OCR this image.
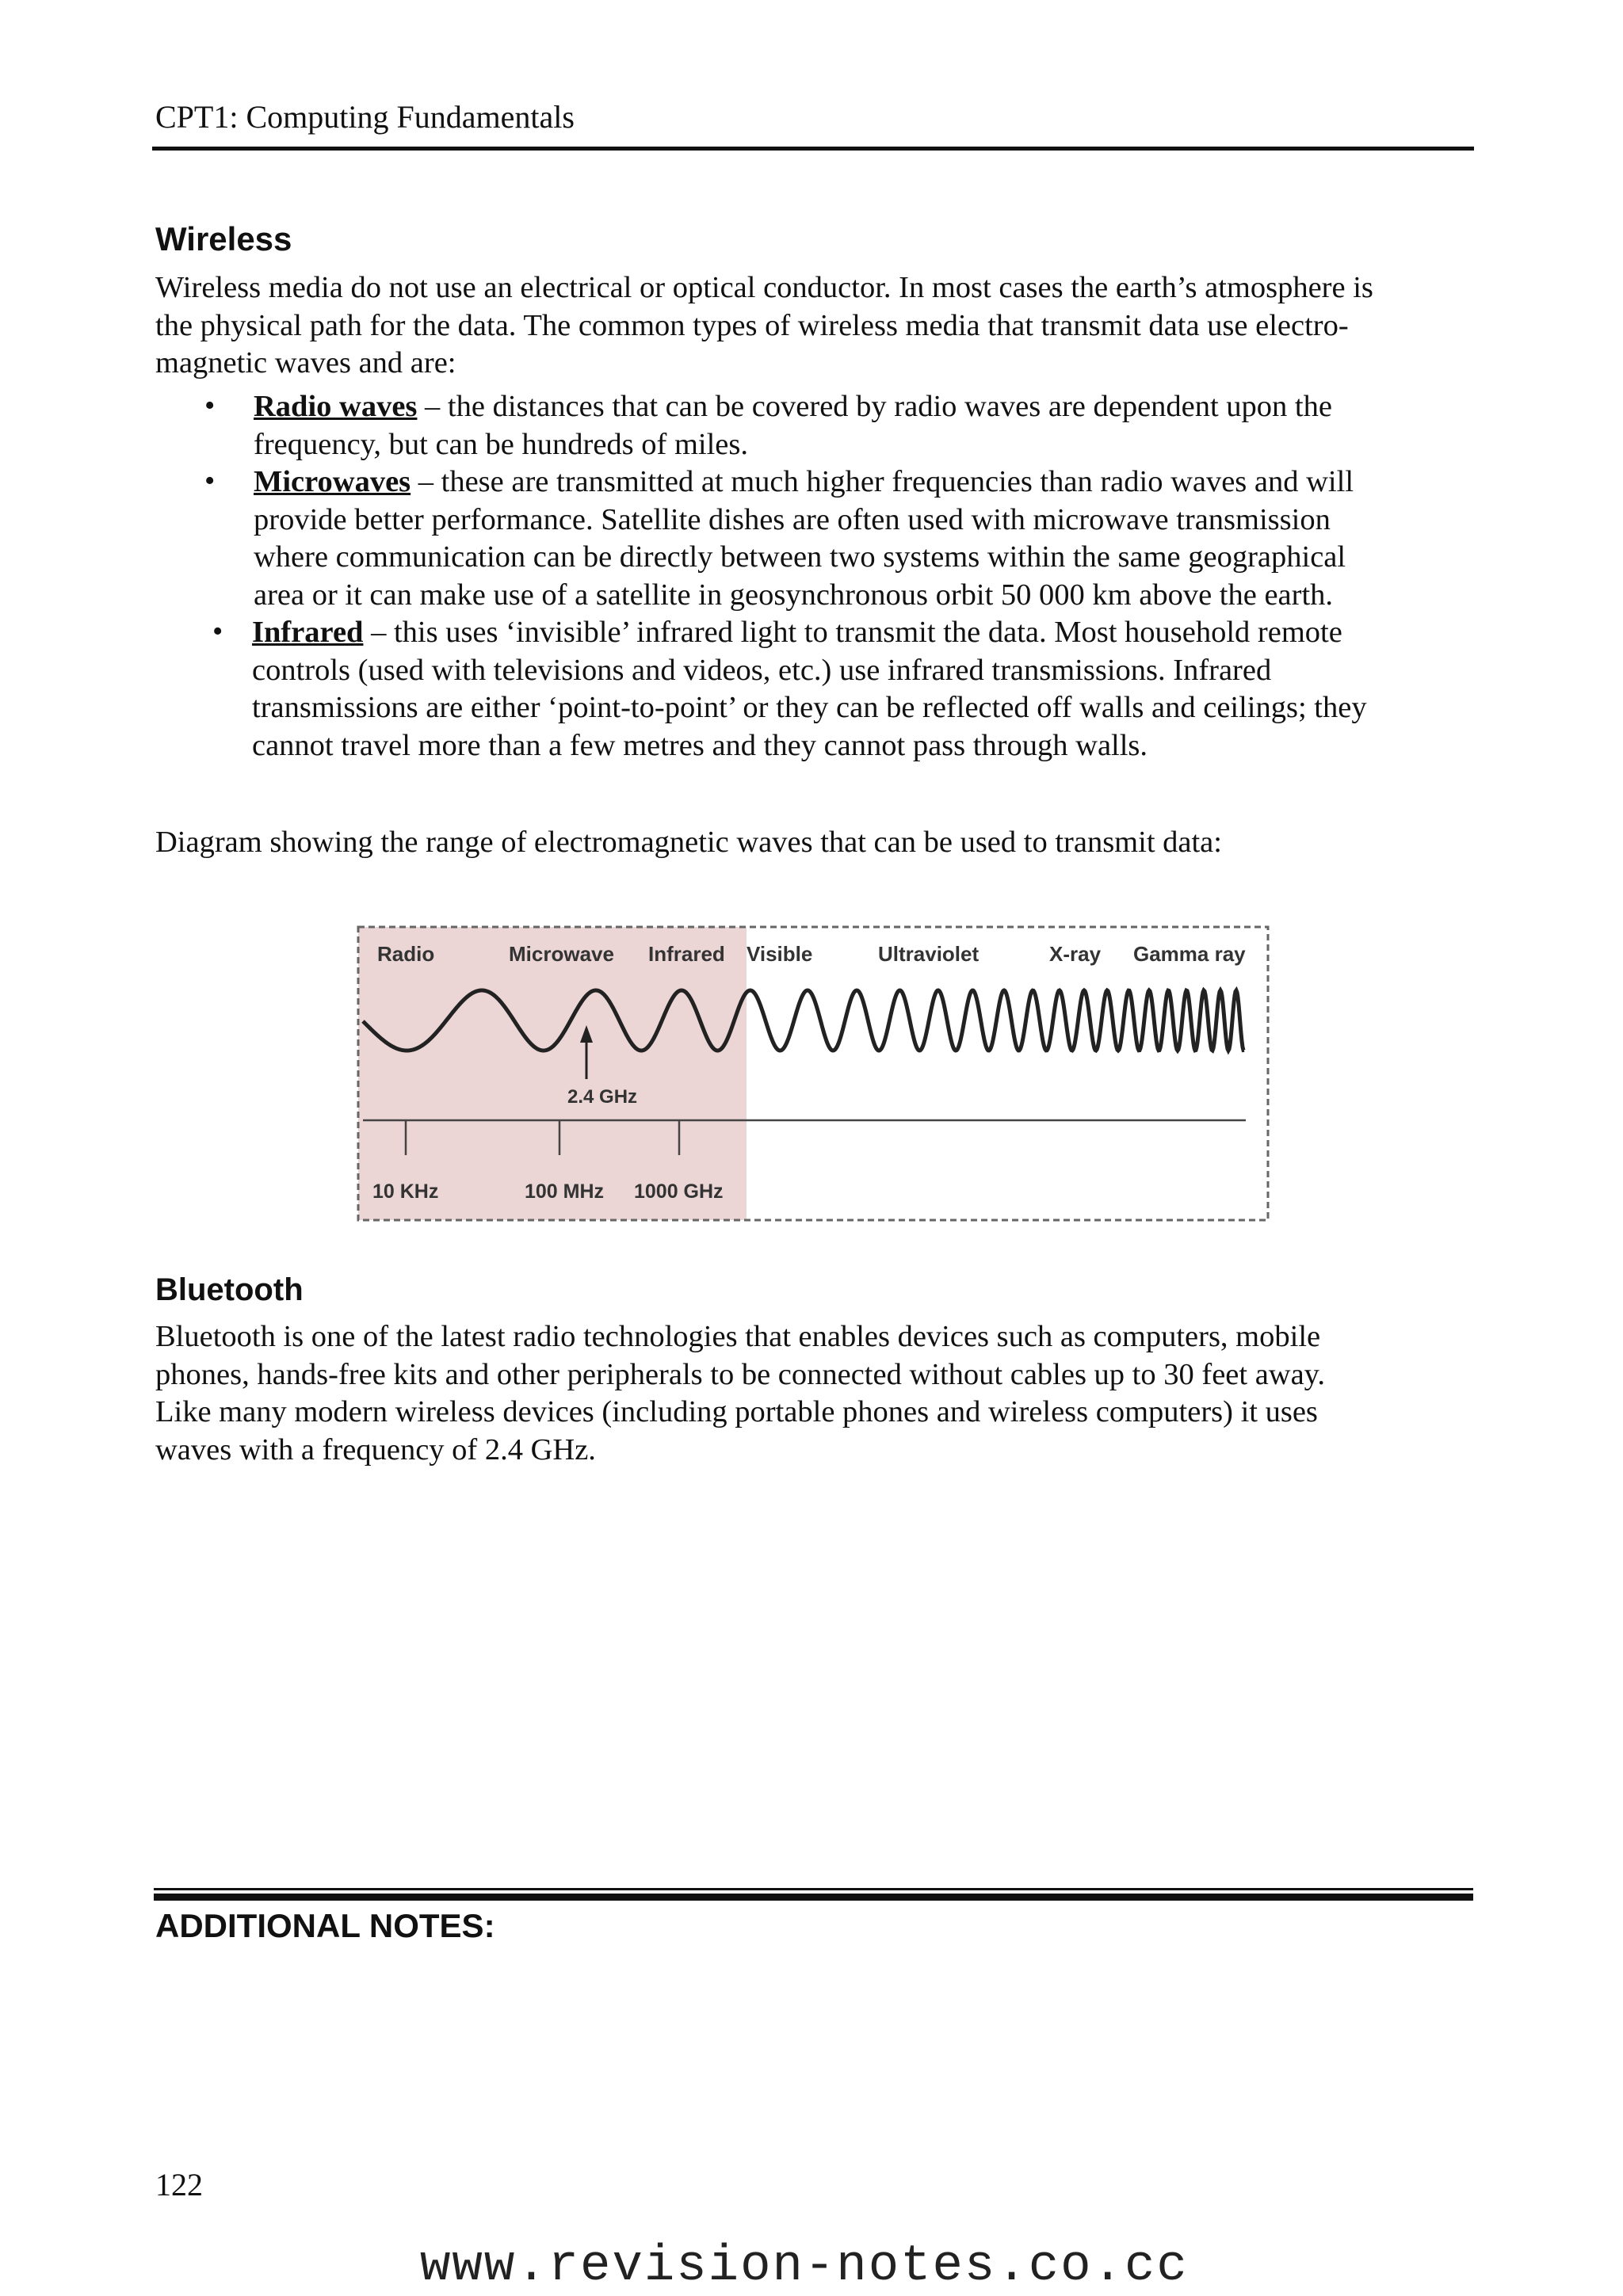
CPT1: Computing Fundamentals
Wireless
Wireless media do not use an electrical or optical conductor. In most cases the earth’s atmosphere is
the physical path for the data. The common types of wireless media that transmit data use electro-
magnetic waves and are:
• Radio waves – the distances that can be covered by radio waves are dependent upon the
frequency, but can be hundreds of miles.
• Microwaves – these are transmitted at much higher frequencies than radio waves and will
provide better performance. Satellite dishes are often used with microwave transmission
where communication can be directly between two systems within the same geographical
area or it can make use of a satellite in geosynchronous orbit 50 000 km above the earth.
• Infrared – this uses ‘invisible’ infrared light to transmit the data. Most household remote
controls (used with televisions and videos, etc.) use infrared transmissions. Infrared
transmissions are either ‘point-to-point’ or they can be reflected off walls and ceilings; they
cannot travel more than a few metres and they cannot pass through walls.
Diagram showing the range of electromagnetic waves that can be used to transmit data:
Radio	Microwave Infrared Visible	Ultraviolet	X-ray Gamma ray
2.4 GHz
10 KHz	100 MHz 1000 GHz
Bluetooth
Bluetooth is one of the latest radio technologies that enables devices such as computers, mobile
phones, hands-free kits and other peripherals to be connected without cables up to 30 feet away.
Like many modern wireless devices (including portable phones and wireless computers) it uses
waves with a frequency of 2.4 GHz.
ADDITIONAL NOTES:
122
www.revision-notes.co.cc
